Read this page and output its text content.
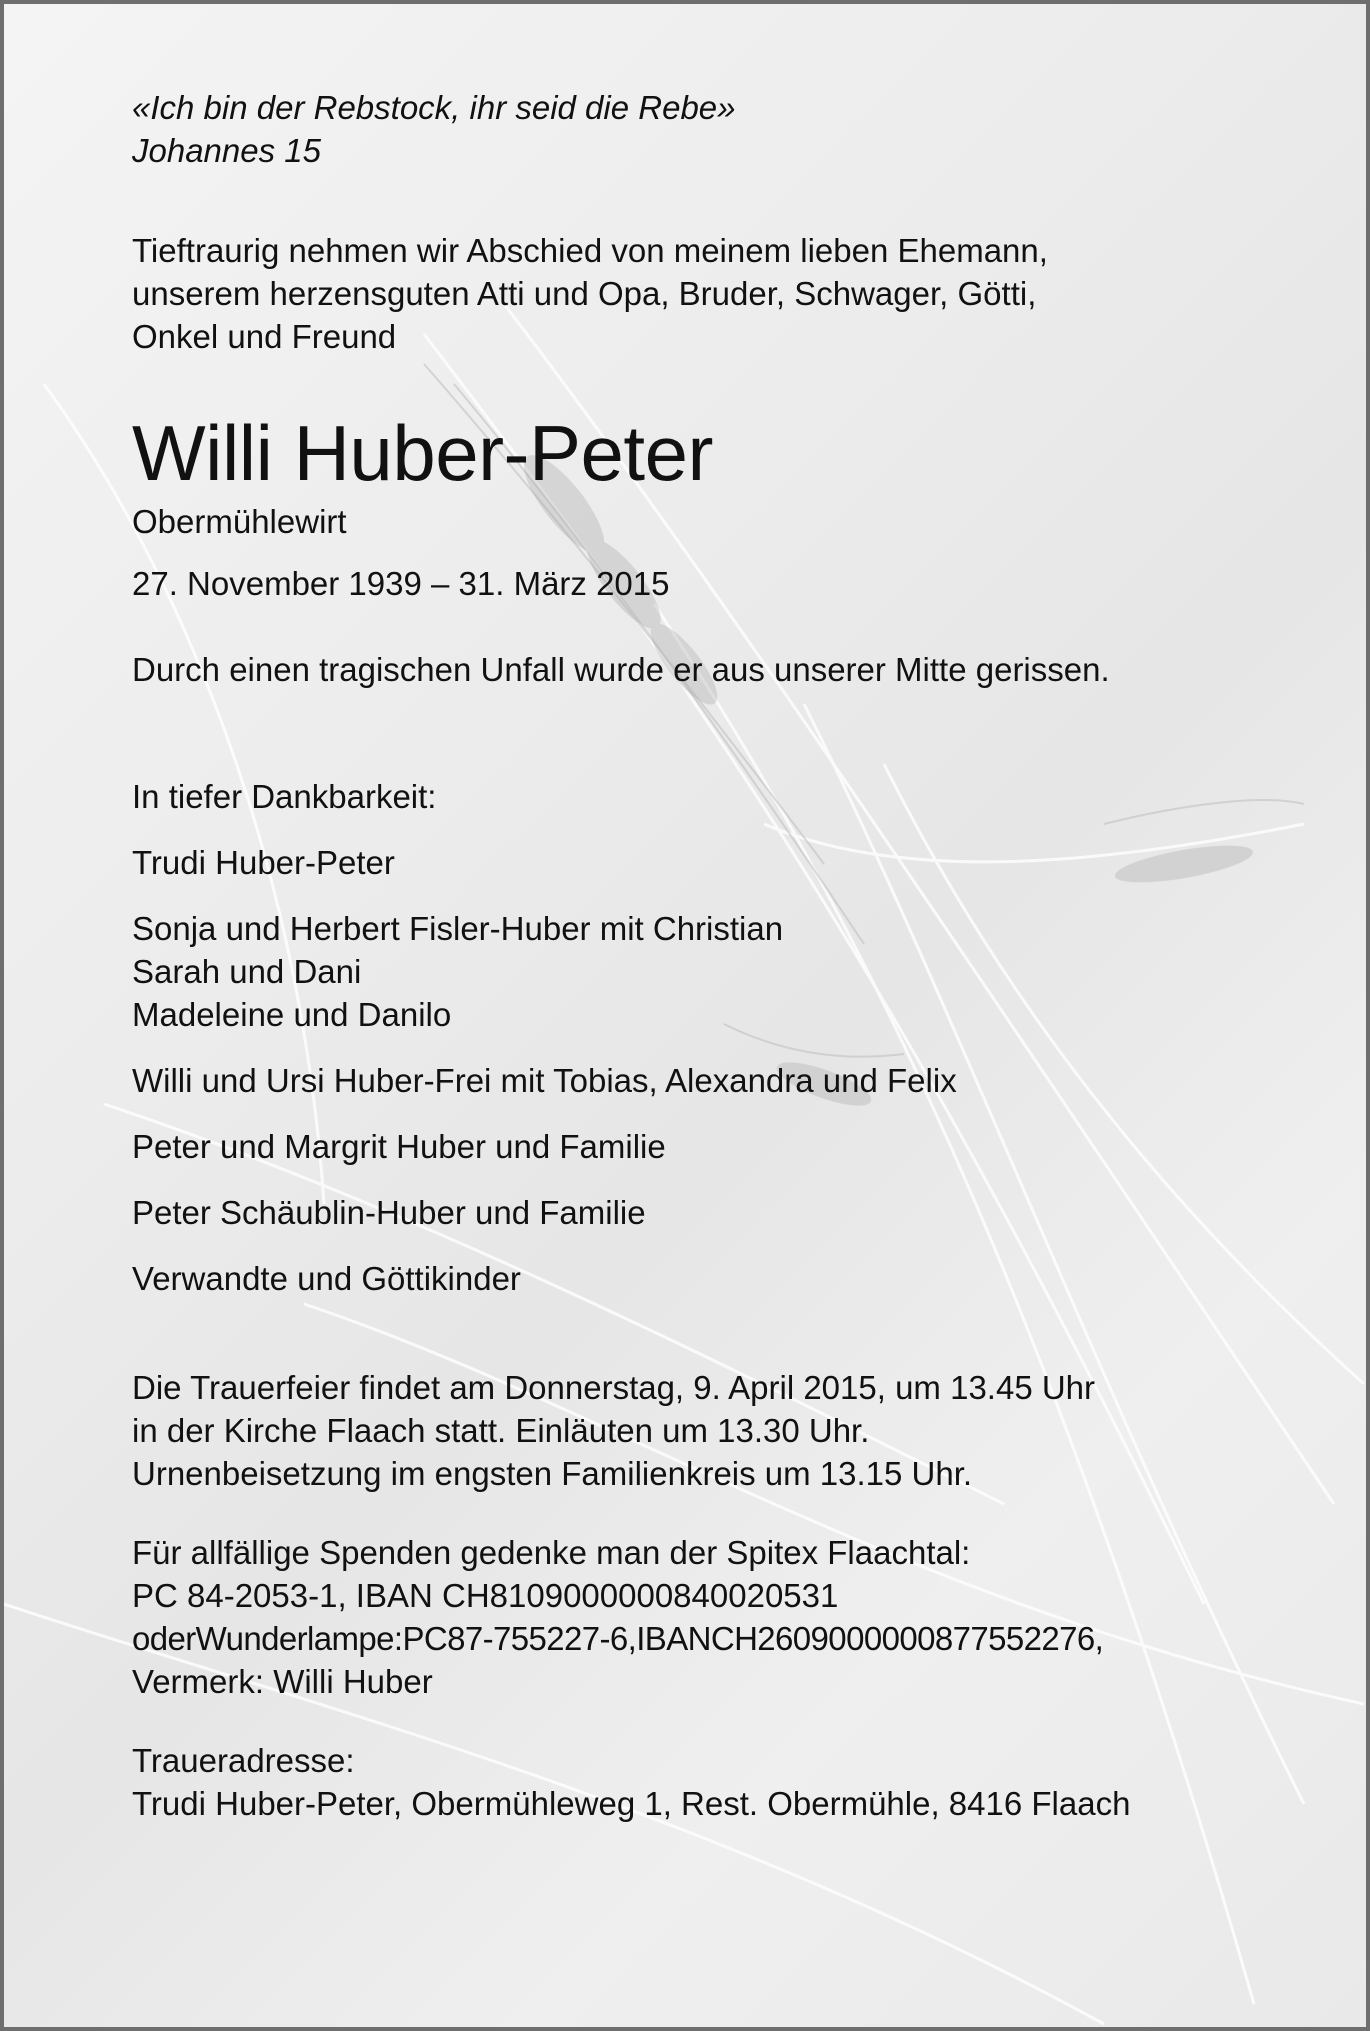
«Ich bin der Rebstock, ihr seid die Rebe»

Johannes 15

Tieftraurig nehmen wir Abschied von meinem lieben Ehemann,

unserem herzensguten Atti und Opa, Bruder, Schwager, Götti,

Onkel und Freund

Willi Huber-Peter

Obermühlewirt

27. November 1939 – 31. März 2015

Durch einen tragischen Unfall wurde er aus unserer Mitte gerissen.

In tiefer Dankbarkeit:

Trudi Huber-Peter

Sonja und Herbert Fisler-Huber mit Christian

Sarah und Dani

Madeleine und Danilo

Willi und Ursi Huber-Frei mit Tobias, Alexandra und Felix

Peter und Margrit Huber und Familie

Peter Schäublin-Huber und Familie

Verwandte und Göttikinder

Die Trauerfeier findet am Donnerstag, 9. April 2015, um 13.45 Uhr

in der Kirche Flaach statt. Einläuten um 13.30 Uhr.

Urnenbeisetzung im engsten Familienkreis um 13.15 Uhr.

Für allfällige Spenden gedenke man der Spitex Flaachtal:

PC 84-2053-1, IBAN CH8109000000840020531

oderWunderlampe:PC87-755227-6,IBANCH2609000000877552276,

Vermerk: Willi Huber

Traueradresse:

Trudi Huber-Peter, Obermühleweg 1, Rest. Obermühle, 8416 Flaach
